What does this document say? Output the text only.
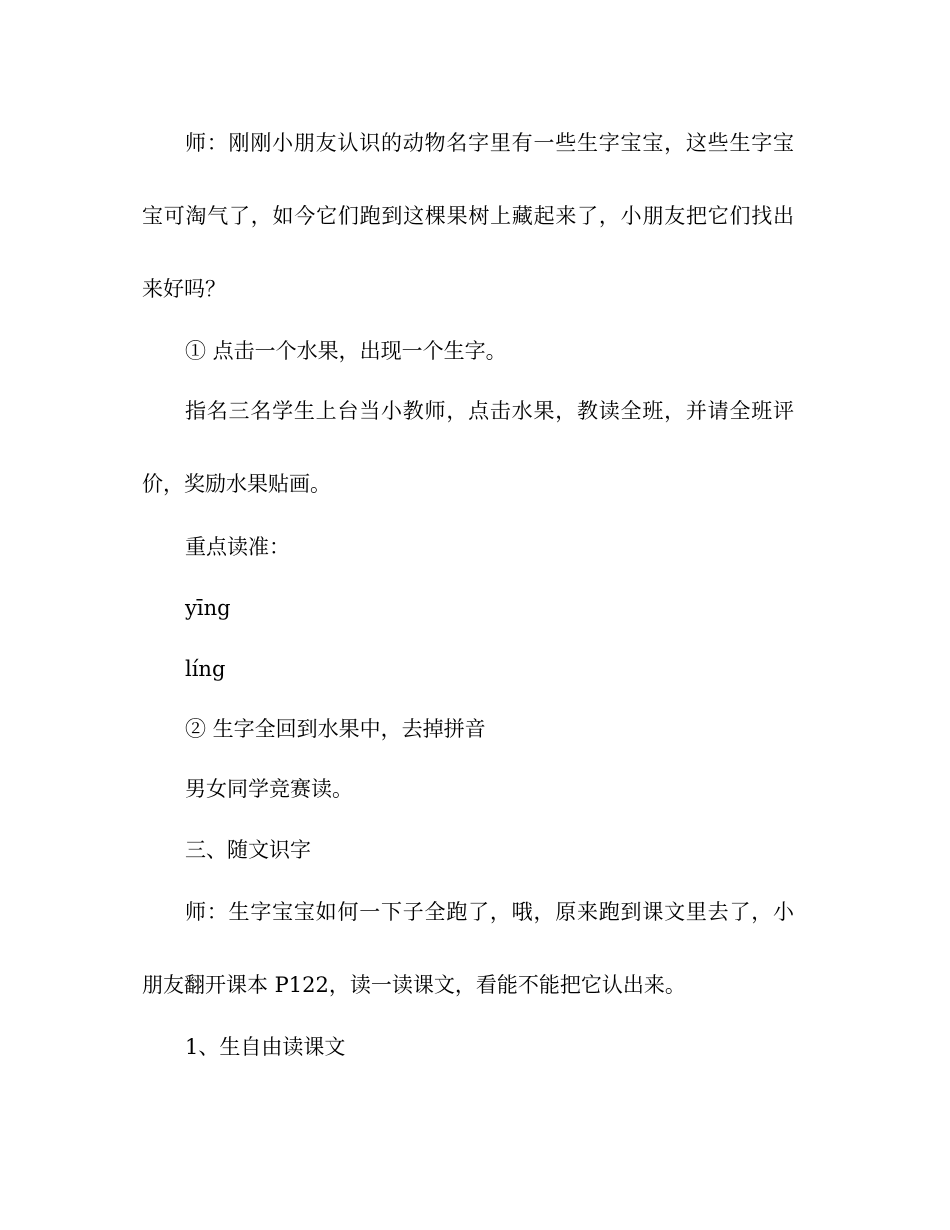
师：刚刚小朋友认识的动物名字里有一些生字宝宝，这些生字宝
宝可淘气了，如今它们跑到这棵果树上藏起来了，小朋友把它们找出
来好吗？
① 点击一个水果，出现一个生字。
指名三名学生上台当小教师，点击水果，教读全班，并请全班评
价，奖励水果贴画。
重点读准：
yīng
líng
② 生字全回到水果中，去掉拼音
男女同学竞赛读。
三、随文识字
师：生字宝宝如何一下子全跑了，哦，原来跑到课文里去了，小
朋友翻开课本 P122，读一读课文，看能不能把它认出来。
1、生自由读课文
